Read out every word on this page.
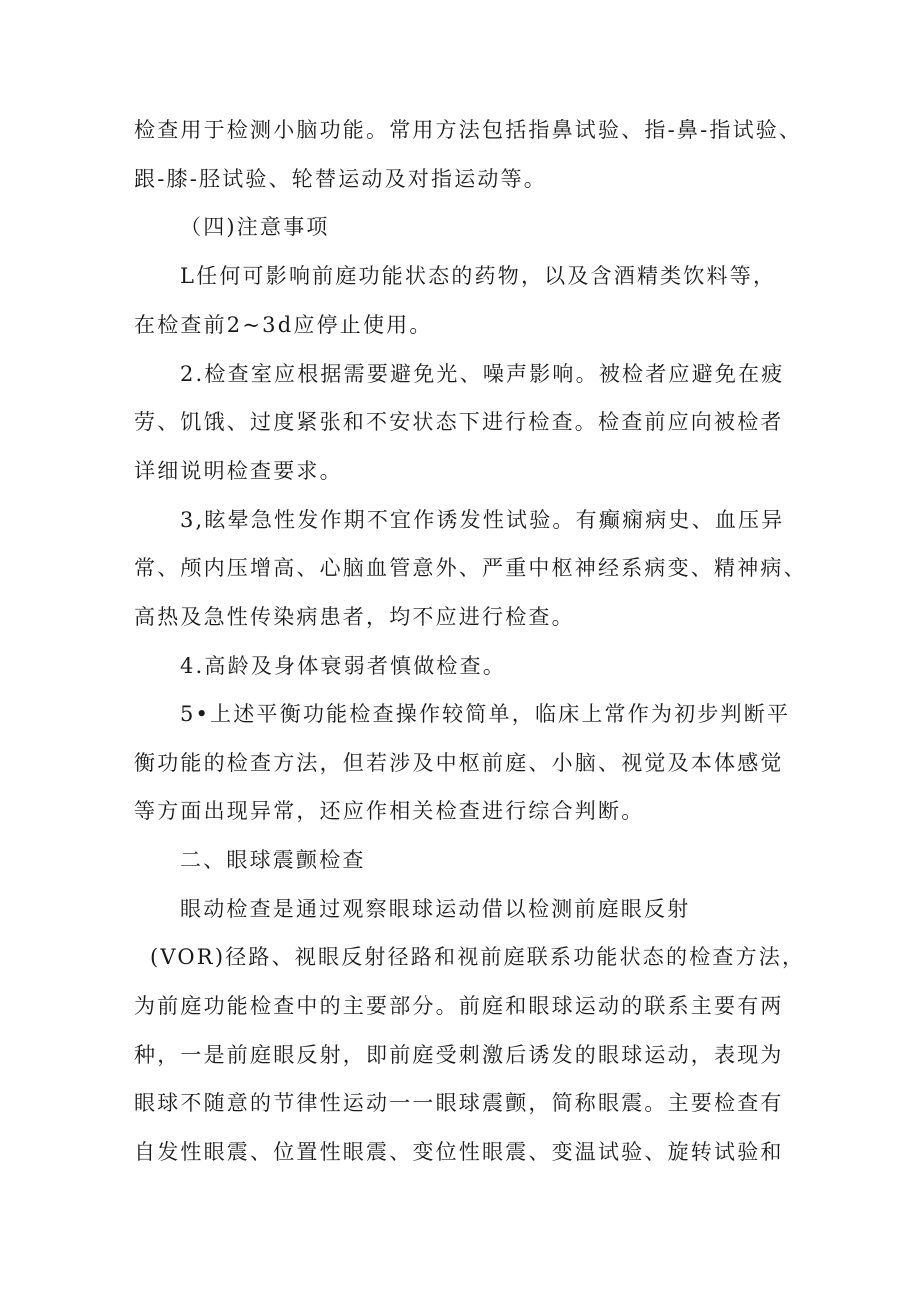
检查用于检测小脑功能。常用方法包括指鼻试验、指-鼻-指试验、

跟-膝-胫试验、轮替运动及对指运动等。

（四)注意事项

L任何可影响前庭功能状态的药物，以及含酒精类饮料等，

在检查前2~3d应停止使用。

2.检查室应根据需要避免光、噪声影响。被检者应避免在疲

劳、饥饿、过度紧张和不安状态下进行检查。检查前应向被检者

详细说明检查要求。

3,眩晕急性发作期不宜作诱发性试验。有癫痫病史、血压异

常、颅内压增高、心脑血管意外、严重中枢神经系病变、精神病、

高热及急性传染病患者，均不应进行检查。

4.高龄及身体衰弱者慎做检查。

5•上述平衡功能检查操作较简单，临床上常作为初步判断平

衡功能的检查方法，但若涉及中枢前庭、小脑、视觉及本体感觉

等方面出现异常，还应作相关检查进行综合判断。

二、眼球震颤检查

眼动检查是通过观察眼球运动借以检测前庭眼反射

(VOR)径路、视眼反射径路和视前庭联系功能状态的检查方法，

为前庭功能检查中的主要部分。前庭和眼球运动的联系主要有两

种，一是前庭眼反射，即前庭受刺激后诱发的眼球运动，表现为

眼球不随意的节律性运动一一眼球震颤，简称眼震。主要检查有

自发性眼震、位置性眼震、变位性眼震、变温试验、旋转试验和
